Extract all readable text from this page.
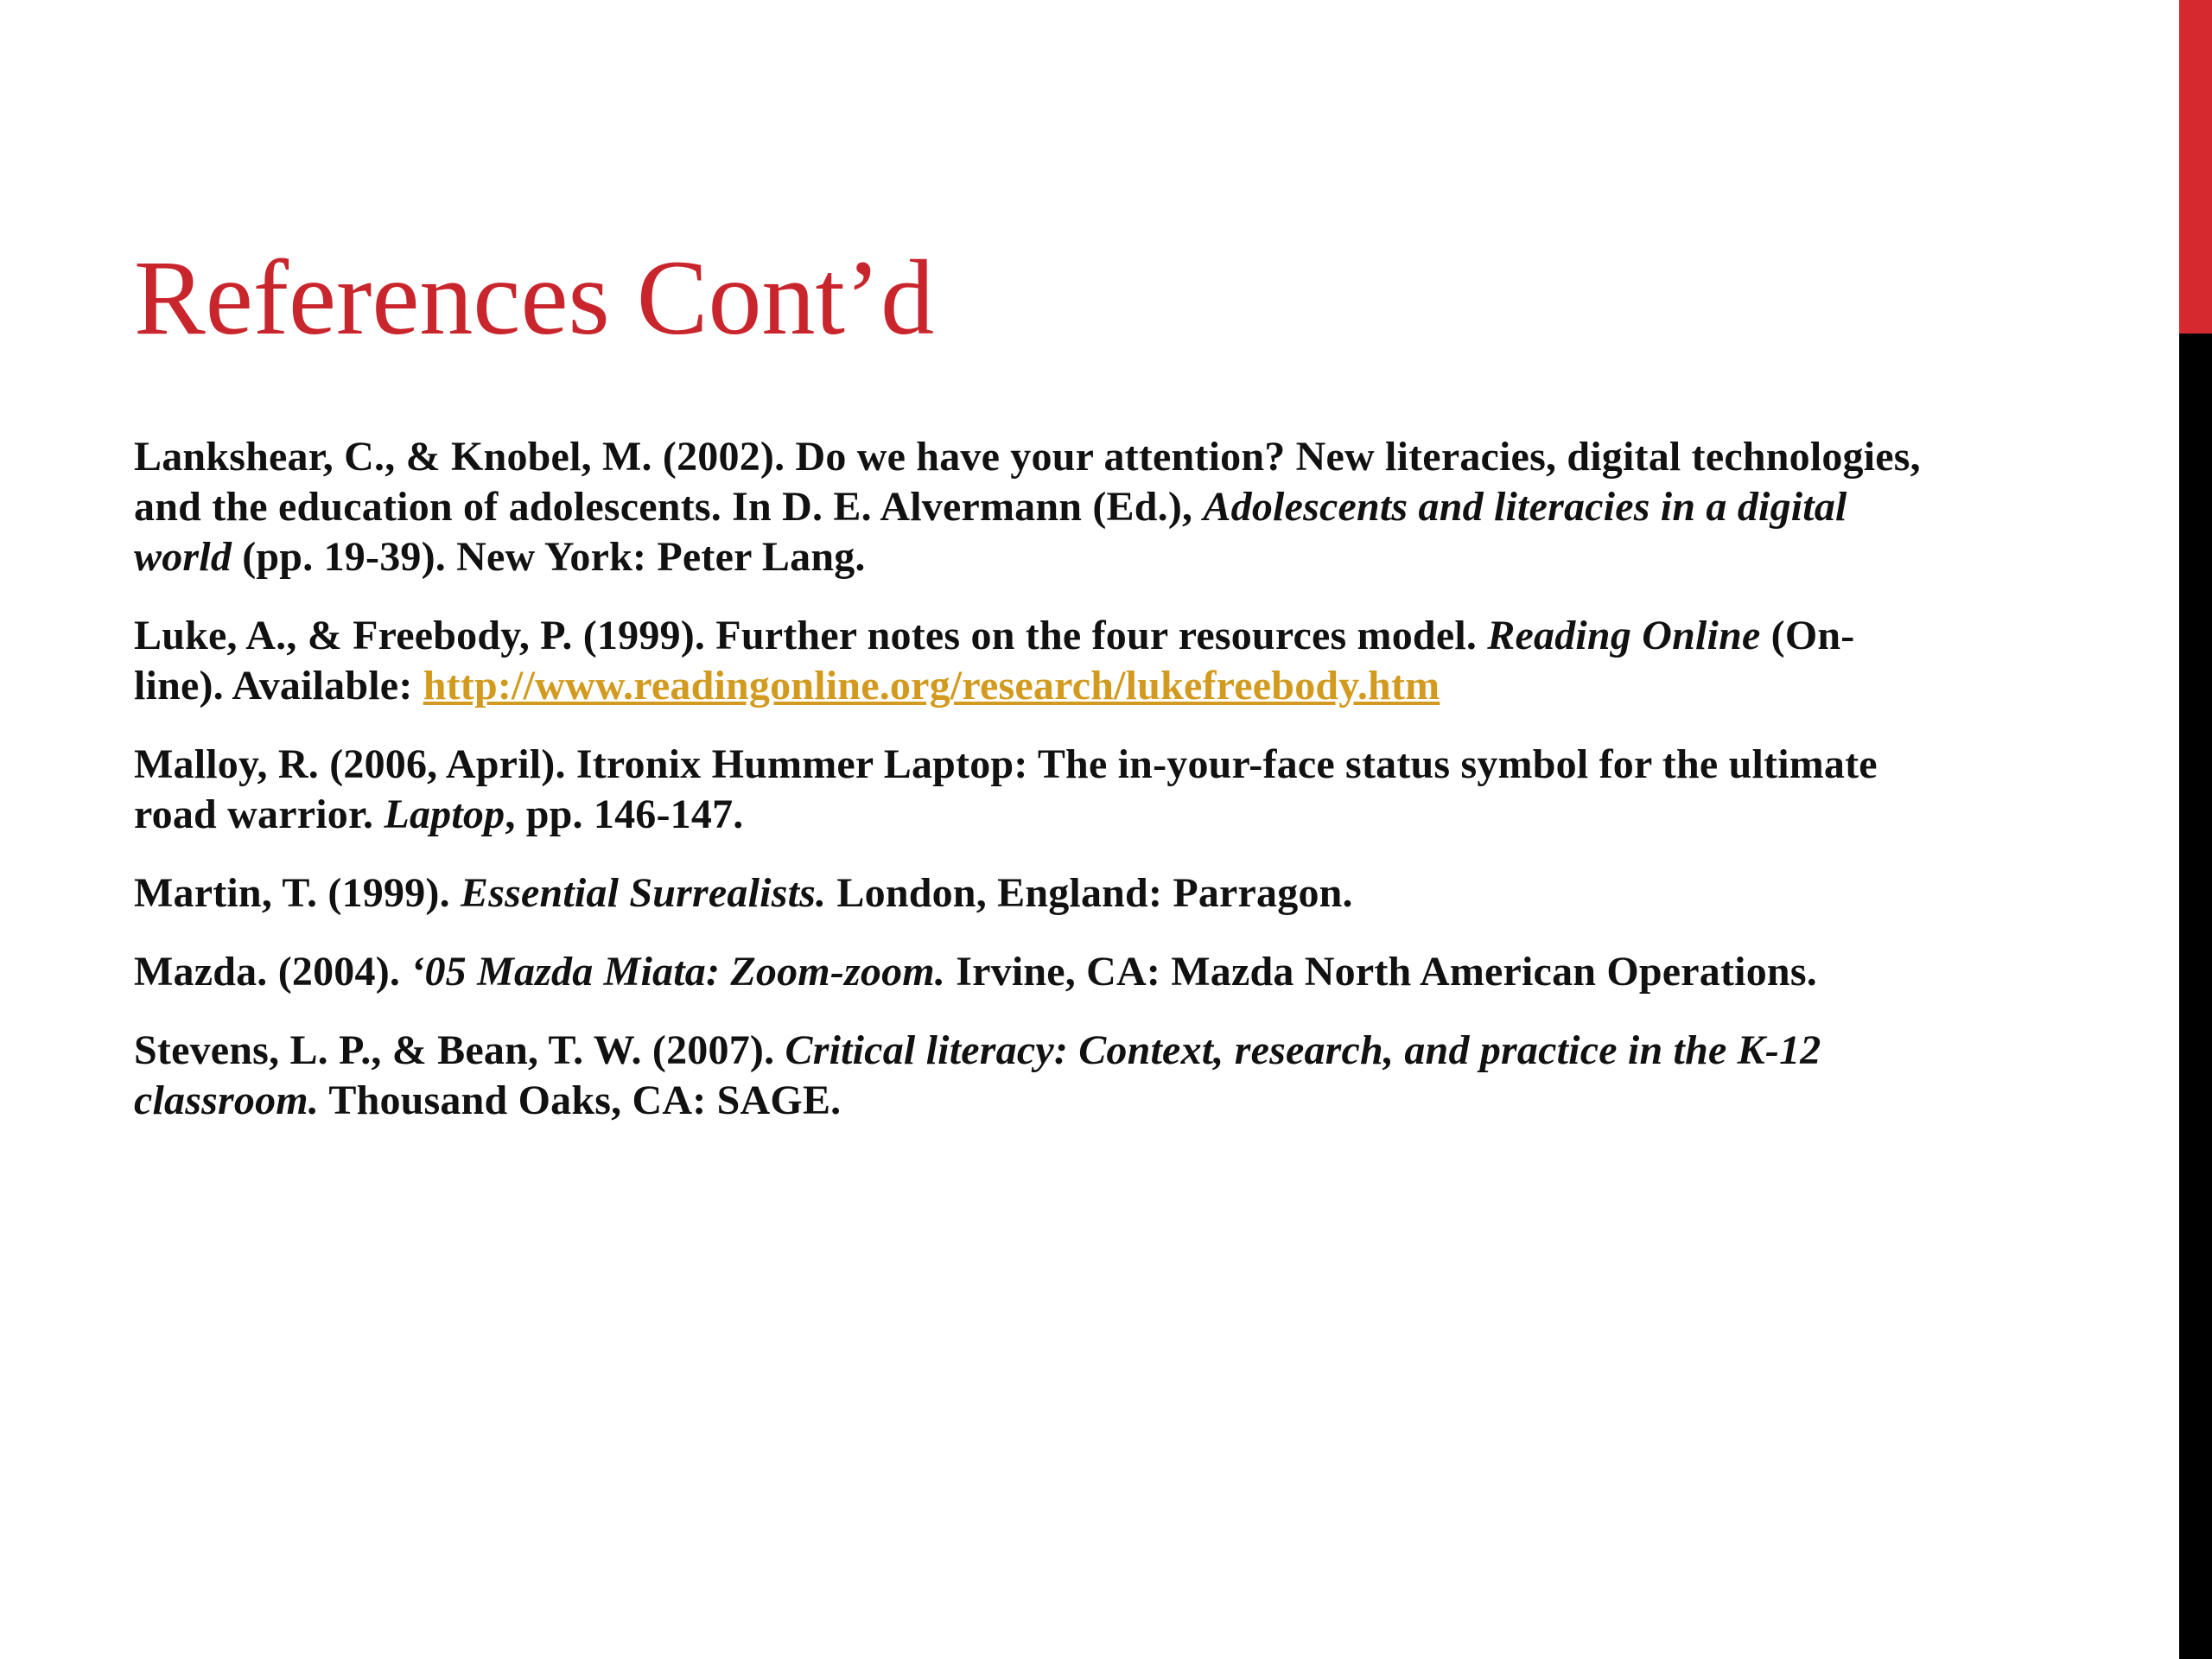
References Cont’d

Lankshear, C., & Knobel, M. (2002). Do we have your attention? New literacies, digital technologies, and the education of adolescents. In D. E. Alvermann (Ed.), Adolescents and literacies in a digital world (pp. 19-39). New York: Peter Lang.

Luke, A., & Freebody, P. (1999). Further notes on the four resources model. Reading Online (On-line). Available: http://www.readingonline.org/research/lukefreebody.htm

Malloy, R. (2006, April). Itronix Hummer Laptop: The in-your-face status symbol for the ultimate road warrior. Laptop, pp. 146-147.

Martin, T. (1999). Essential Surrealists. London, England: Parragon.

Mazda. (2004). ‘05 Mazda Miata: Zoom-zoom. Irvine, CA: Mazda North American Operations.

Stevens, L. P., & Bean, T. W. (2007). Critical literacy: Context, research, and practice in the K-12 classroom. Thousand Oaks, CA: SAGE.
